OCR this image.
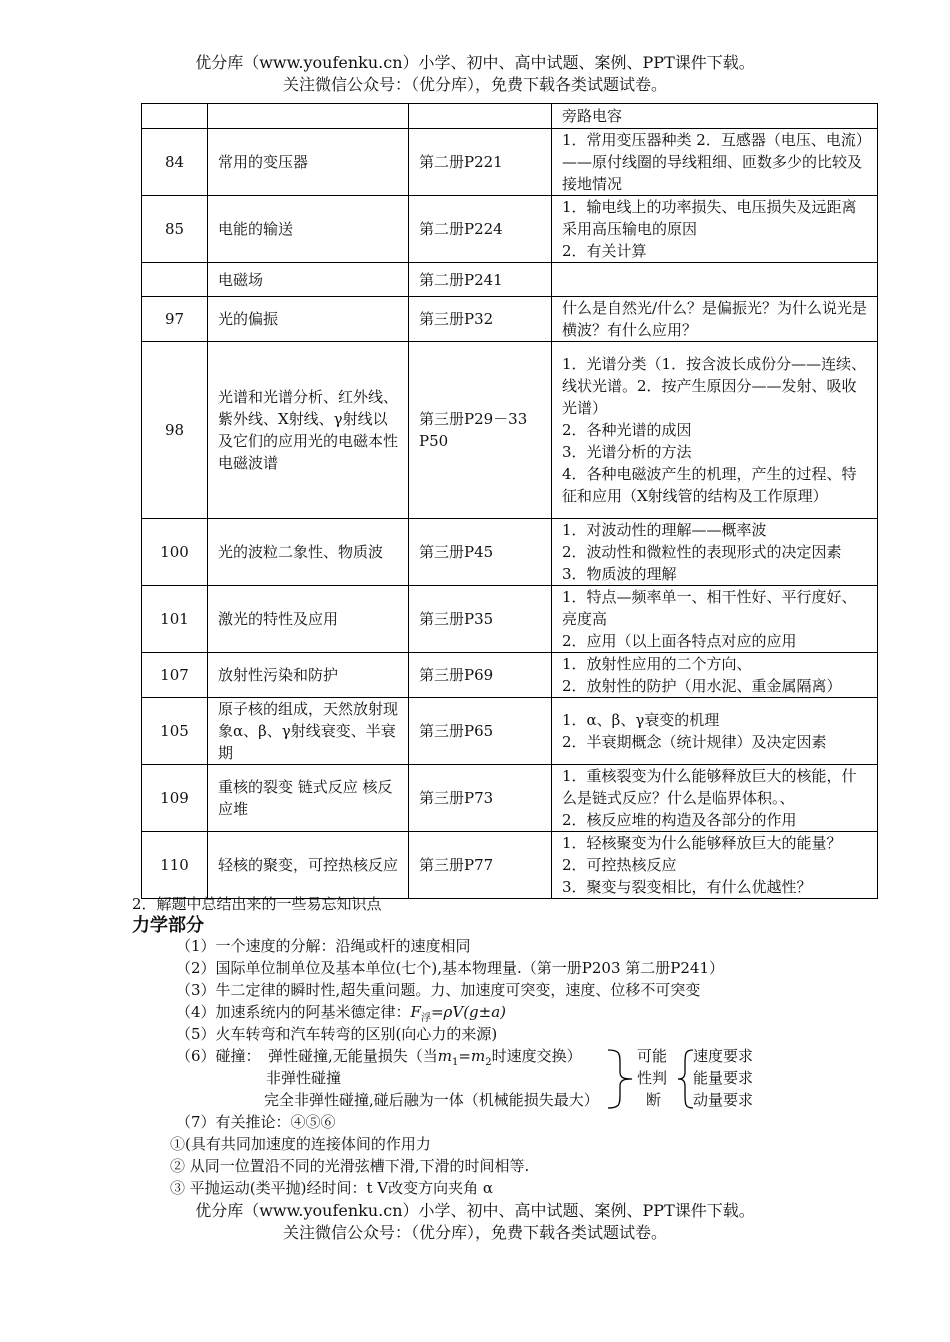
优分库（www.youfenku.cn）小学、初中、高中试题、案例、PPT课件下载。
关注微信公众号：（优分库），免费下载各类试题试卷。
			旁路电容
84	常用的变压器	第二册P221	1．常用变压器种类 2．互感器（电压、电流）——原付线圈的导线粗细、匝数多少的比较及接地情况

85	电能的输送	第二册P224	1．输电线上的功率损失、电压损失及远距离采用高压输电的原因
2．有关计算

	电磁场	第二册P241	
97	光的偏振	第三册P32	什么是自然光/什么？是偏振光？为什么说光是横波？有什么应用？

98	光谱和光谱分析、红外线、紫外线、X射线、γ射线以及它们的应用光的电磁本性 电磁波谱	第三册P29－33 P50	1．光谱分类（1．按含波长成份分——连续、线状光谱。2．按产生原因分——发射、吸收光谱）
2．各种光谱的成因
3．光谱分析的方法
4．各种电磁波产生的机理，产生的过程、特征和应用（X射线管的结构及工作原理）

100	光的波粒二象性、物质波	第三册P45	1．对波动性的理解——概率波
2．波动性和微粒性的表现形式的决定因素
3．物质波的理解

101	激光的特性及应用	第三册P35	1．特点—频率单一、相干性好、平行度好、亮度高
2．应用（以上面各特点对应的应用

107	放射性污染和防护	第三册P69	1．放射性应用的二个方向、
2．放射性的防护（用水泥、重金属隔离）

105	原子核的组成，天然放射现象α、β、γ射线衰变、半衰期	第三册P65	1．α、β、γ衰变的机理
2．半衰期概念（统计规律）及决定因素

109	重核的裂变 链式反应 核反应堆	第三册P73	1．重核裂变为什么能够释放巨大的核能，什么是链式反应？什么是临界体积。、
2．核反应堆的构造及各部分的作用

110	轻核的聚变，可控热核反应	第三册P77	1．轻核聚变为什么能够释放巨大的能量？
2．可控热核反应
3．聚变与裂变相比，有什么优越性？
2．解题中总结出来的一些易忘知识点
力学部分
（1）一个速度的分解：沿绳或杆的速度相同
（2）国际单位制单位及基本单位(七个),基本物理量.（第一册P203 第二册P241）
（3）牛二定律的瞬时性,超失重问题。力、加速度可突变，速度、位移不可突变
（4）加速系统内的阿基米德定律：$F_浮=\rho V(g\pm a)$
（5）火车转弯和汽车转弯的区别(向心力的来源)
（6）碰撞： 弹性碰撞,无能量损失（当$m_1=m_2$时速度交换）
非弹性碰撞
完全非弹性碰撞,碰后融为一体（机械能损失最大）
可能
性判
断
速度要求
能量要求
动量要求
（7）有关推论：④⑤⑥
①(具有共同加速度的连接体间的作用力
② 从同一位置沿不同的光滑弦槽下滑,下滑的时间相等.
③ 平抛运动(类平抛)经时间：t V改变方向夹角 α
优分库（www.youfenku.cn）小学、初中、高中试题、案例、PPT课件下载。
关注微信公众号：（优分库），免费下载各类试题试卷。
